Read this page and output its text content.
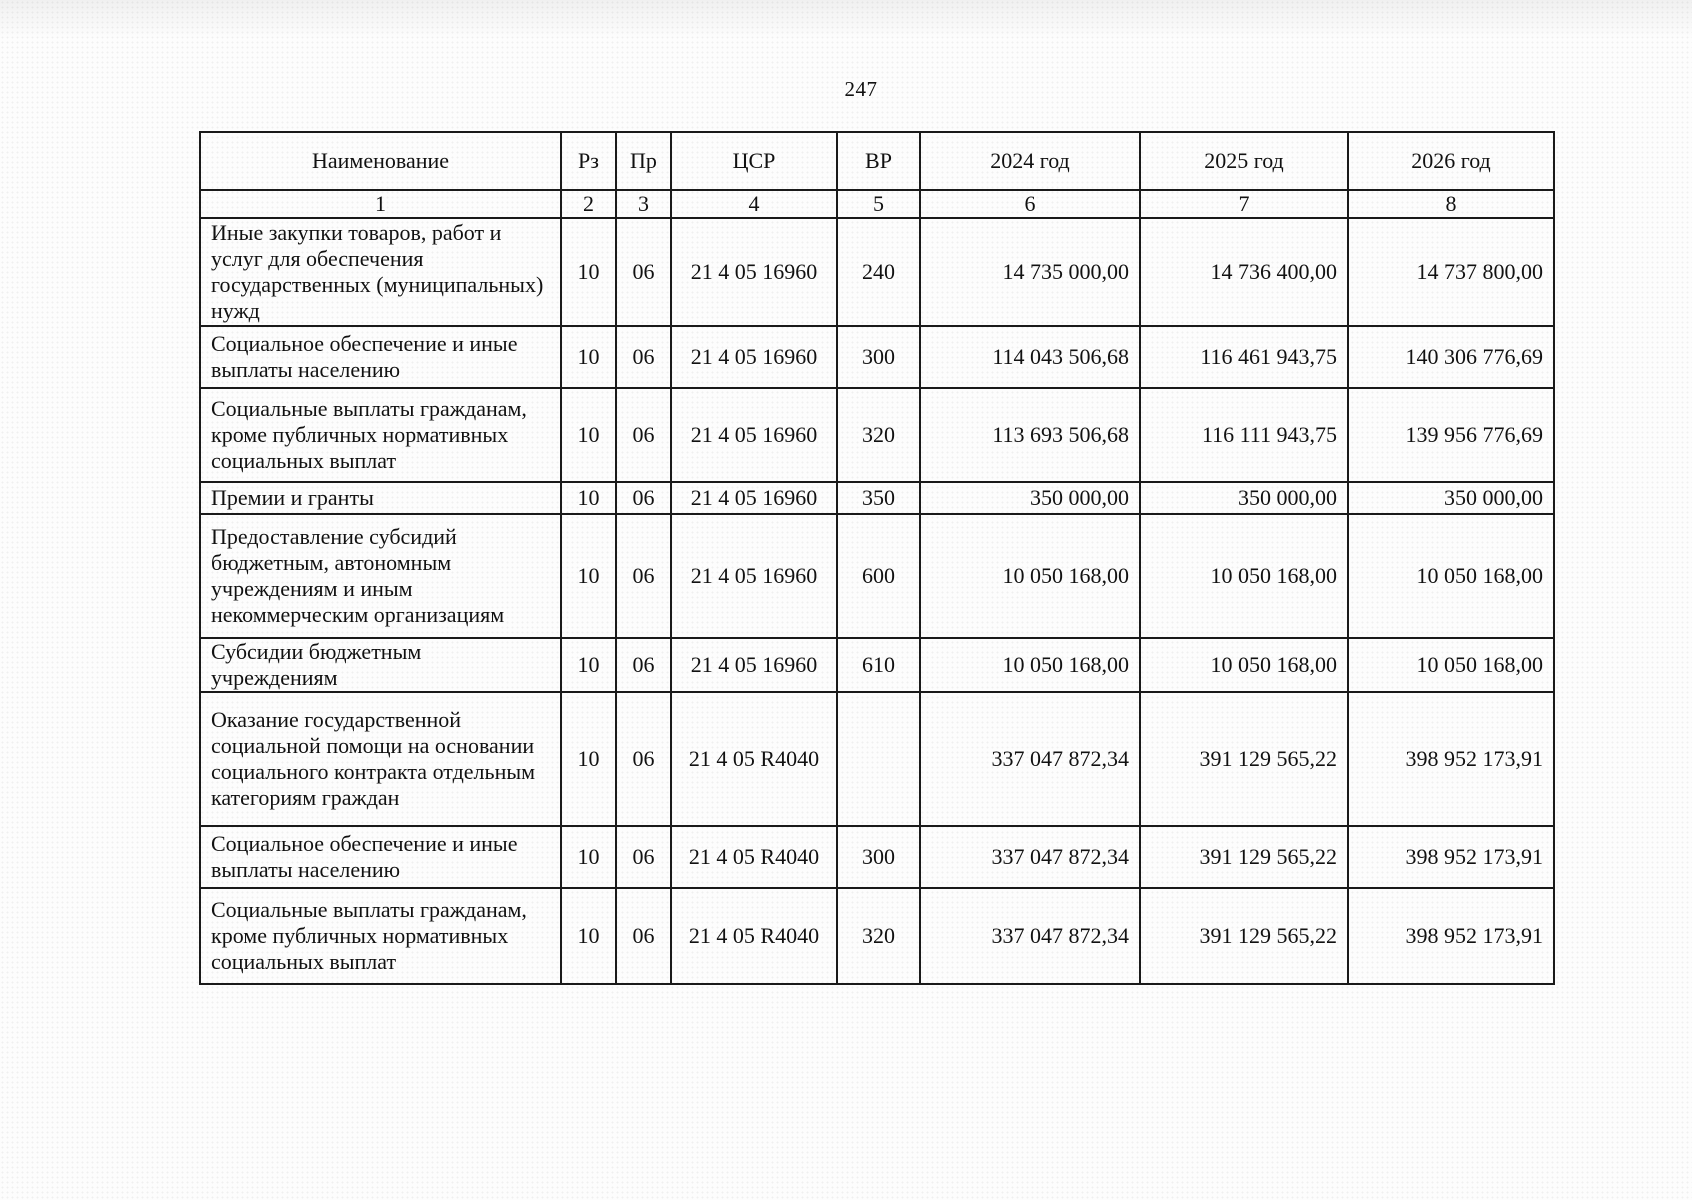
247
Наименование	Рз	Пр	ЦСР	ВР	2024 год	2025 год	2026 год
1	2	3	4	5	6	7	8
Иные закупки товаров, работ и услуг для обеспечения государственных (муниципальных) нужд	10	06	21 4 05 16960	240	14 735 000,00	14 736 400,00	14 737 800,00
Социальное обеспечение и иные выплаты населению	10	06	21 4 05 16960	300	114 043 506,68	116 461 943,75	140 306 776,69
Социальные выплаты гражданам, кроме публичных нормативных социальных выплат	10	06	21 4 05 16960	320	113 693 506,68	116 111 943,75	139 956 776,69
Премии и гранты	10	06	21 4 05 16960	350	350 000,00	350 000,00	350 000,00
Предоставление субсидий бюджетным, автономным учреждениям и иным некоммерческим организациям	10	06	21 4 05 16960	600	10 050 168,00	10 050 168,00	10 050 168,00
Субсидии бюджетным учреждениям	10	06	21 4 05 16960	610	10 050 168,00	10 050 168,00	10 050 168,00
Оказание государственной социальной помощи на основании социального контракта отдельным категориям граждан	10	06	21 4 05 R4040		337 047 872,34	391 129 565,22	398 952 173,91
Социальное обеспечение и иные выплаты населению	10	06	21 4 05 R4040	300	337 047 872,34	391 129 565,22	398 952 173,91
Социальные выплаты гражданам, кроме публичных нормативных социальных выплат	10	06	21 4 05 R4040	320	337 047 872,34	391 129 565,22	398 952 173,91
